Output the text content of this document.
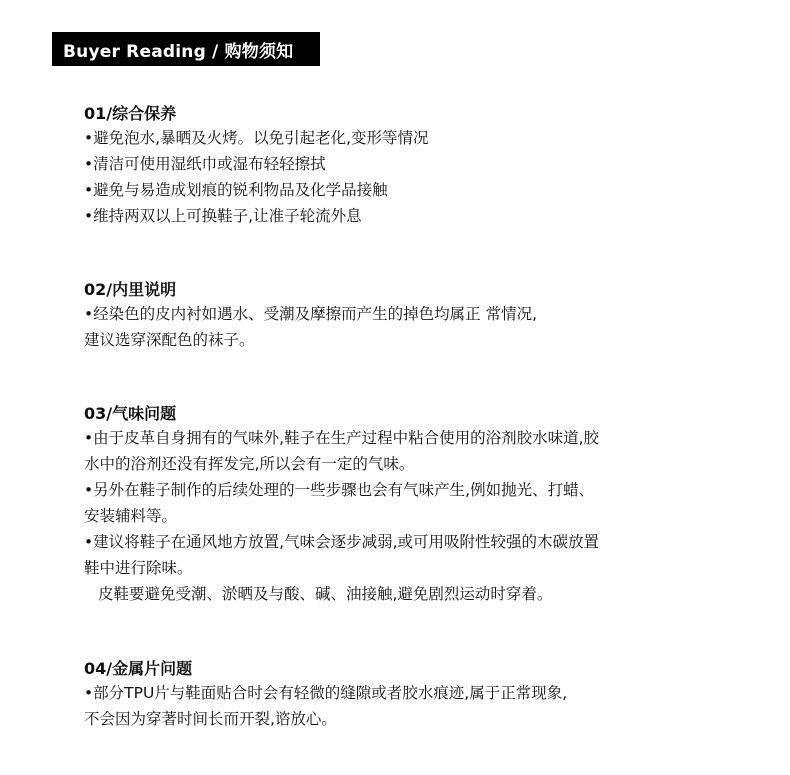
Buyer Reading / 购物须知
01/综合保养
•避免泡水,暴晒及火烤。以免引起老化,变形等情况
•清洁可使用湿纸巾或湿布轻轻擦拭
•避免与易造成划痕的锐利物品及化学品接触
•维持两双以上可换鞋子,让准子轮流外息
02/内里说明
•经染色的皮内衬如遇水、受潮及摩擦而产生的掉色均属正 常情况,
建议选穿深配色的袜子。
03/气味问题
•由于皮革自身拥有的气味外,鞋子在生产过程中粘合使用的浴剂胶水味道,胶
水中的浴剂还没有挥发完,所以会有一定的气味。
•另外在鞋子制作的后续处理的一些步骤也会有气味产生,例如抛光、打蜡、
安装辅料等。
•建议将鞋子在通风地方放置,气味会逐步减弱,或可用吸附性较强的木碳放置
鞋中进行除味。
皮鞋要避免受潮、淤晒及与酸、碱、油接触,避免剧烈运动时穿着。
04/金属片问题
•部分TPU片与鞋面贴合时会有轻微的缝隙或者胶水痕迹,属于正常现象,
不会因为穿著时间长而开裂,谘放心。
